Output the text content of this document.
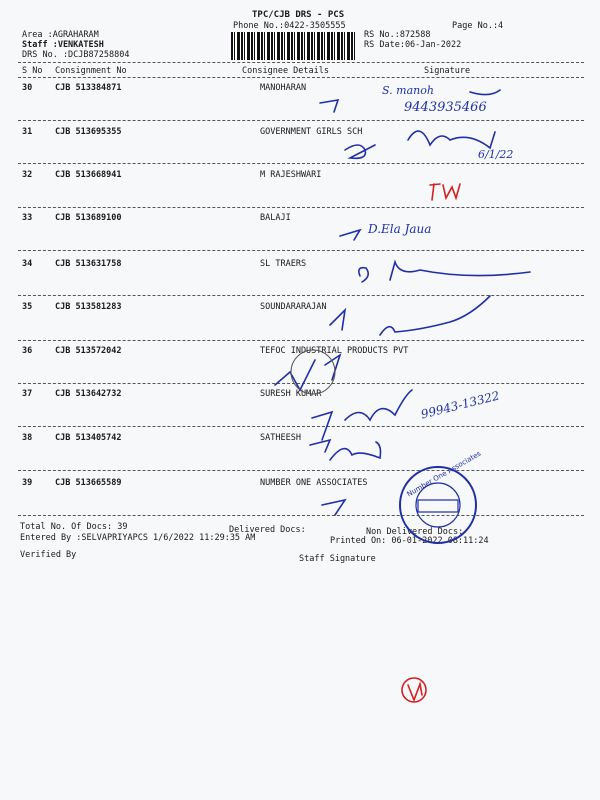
TPC/CJB DRS - PCS
Phone No.:0422-3505555	Page No.:4
Area :AGRAHARAM
Staff :VENKATESH
DRS No. :DCJB87258804
RS No.:872588
RS Date:06-Jan-2022
S No Consignment No	Consignee Details	Signature
30	CJB 513384871	MANOHARAN
31	CJB 513695355	GOVERNMENT GIRLS SCH
32	CJB 513668941	M RAJESHWARI
33	CJB 513689100	BALAJI
34	CJB 513631758	SL TRAERS
35	CJB 513581283	SOUNDARARAJAN
36	CJB 513572042	TEFOC INDUSTRIAL PRODUCTS PVT
37	CJB 513642732	SURESH KUMAR
38	CJB 513405742	SATHEESH
39	CJB 513665589	NUMBER ONE ASSOCIATES
Total No. Of Docs: 39	Delivered Docs:	Non Delivered Docs:
Entered By :SELVAPRIYAPCS 1/6/2022 11:29:35 AM	Printed On: 06-01-2022 08:11:24
Verified By	Staff Signature
S. manoh
9443935466
6/1/22
D.Ela Jaua
99943-13322
Number One Associates
